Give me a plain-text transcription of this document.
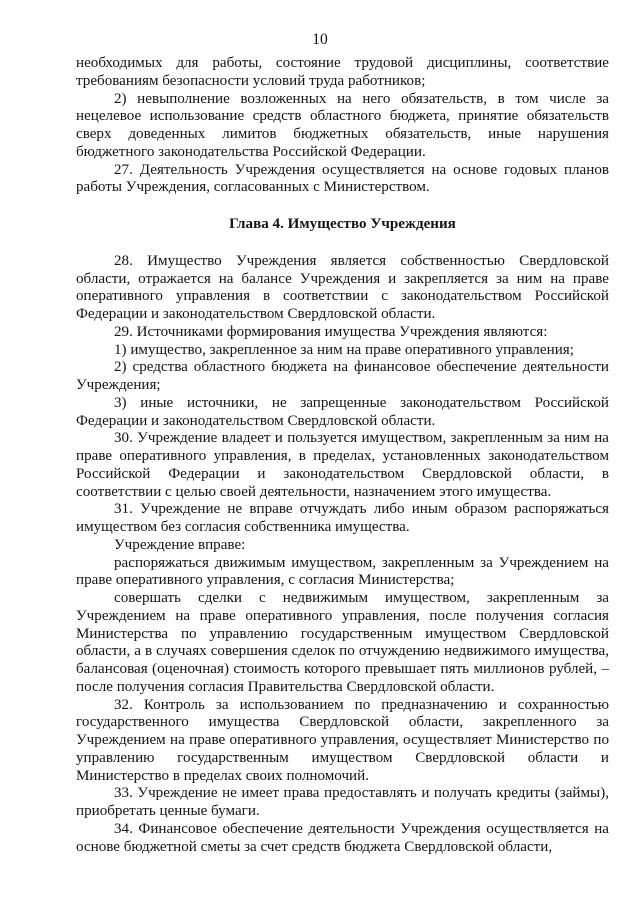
10

необходимых для работы, состояние трудовой дисциплины, соответствие требованиям безопасности условий труда работников;

2) невыполнение возложенных на него обязательств, в том числе за нецелевое использование средств областного бюджета, принятие обязательств сверх доведенных лимитов бюджетных обязательств, иные нарушения бюджетного законодательства Российской Федерации.

27. Деятельность Учреждения осуществляется на основе годовых планов работы Учреждения, согласованных с Министерством.

Глава 4. Имущество Учреждения

28. Имущество Учреждения является собственностью Свердловской области, отражается на балансе Учреждения и закрепляется за ним на праве оперативного управления в соответствии с законодательством Российской Федерации и законодательством Свердловской области.

29. Источниками формирования имущества Учреждения являются:

1) имущество, закрепленное за ним на праве оперативного управления;

2) средства областного бюджета на финансовое обеспечение деятельности Учреждения;

3) иные источники, не запрещенные законодательством Российской Федерации и законодательством Свердловской области.

30. Учреждение владеет и пользуется имуществом, закрепленным за ним на праве оперативного управления, в пределах, установленных законодательством Российской Федерации и законодательством Свердловской области, в соответствии с целью своей деятельности, назначением этого имущества.

31. Учреждение не вправе отчуждать либо иным образом распоряжаться имуществом без согласия собственника имущества.

Учреждение вправе:

распоряжаться движимым имуществом, закрепленным за Учреждением на праве оперативного управления, с согласия Министерства;

совершать сделки с недвижимым имуществом, закрепленным за Учреждением на праве оперативного управления, после получения согласия Министерства по управлению государственным имуществом Свердловской области, а в случаях совершения сделок по отчуждению недвижимого имущества, балансовая (оценочная) стоимость которого превышает пять миллионов рублей, – после получения согласия Правительства Свердловской области.

32. Контроль за использованием по предназначению и сохранностью государственного имущества Свердловской области, закрепленного за Учреждением на праве оперативного управления, осуществляет Министерство по управлению государственным имуществом Свердловской области и Министерство в пределах своих полномочий.

33. Учреждение не имеет права предоставлять и получать кредиты (займы), приобретать ценные бумаги.

34. Финансовое обеспечение деятельности Учреждения осуществляется на основе бюджетной сметы за счет средств бюджета Свердловской области,
